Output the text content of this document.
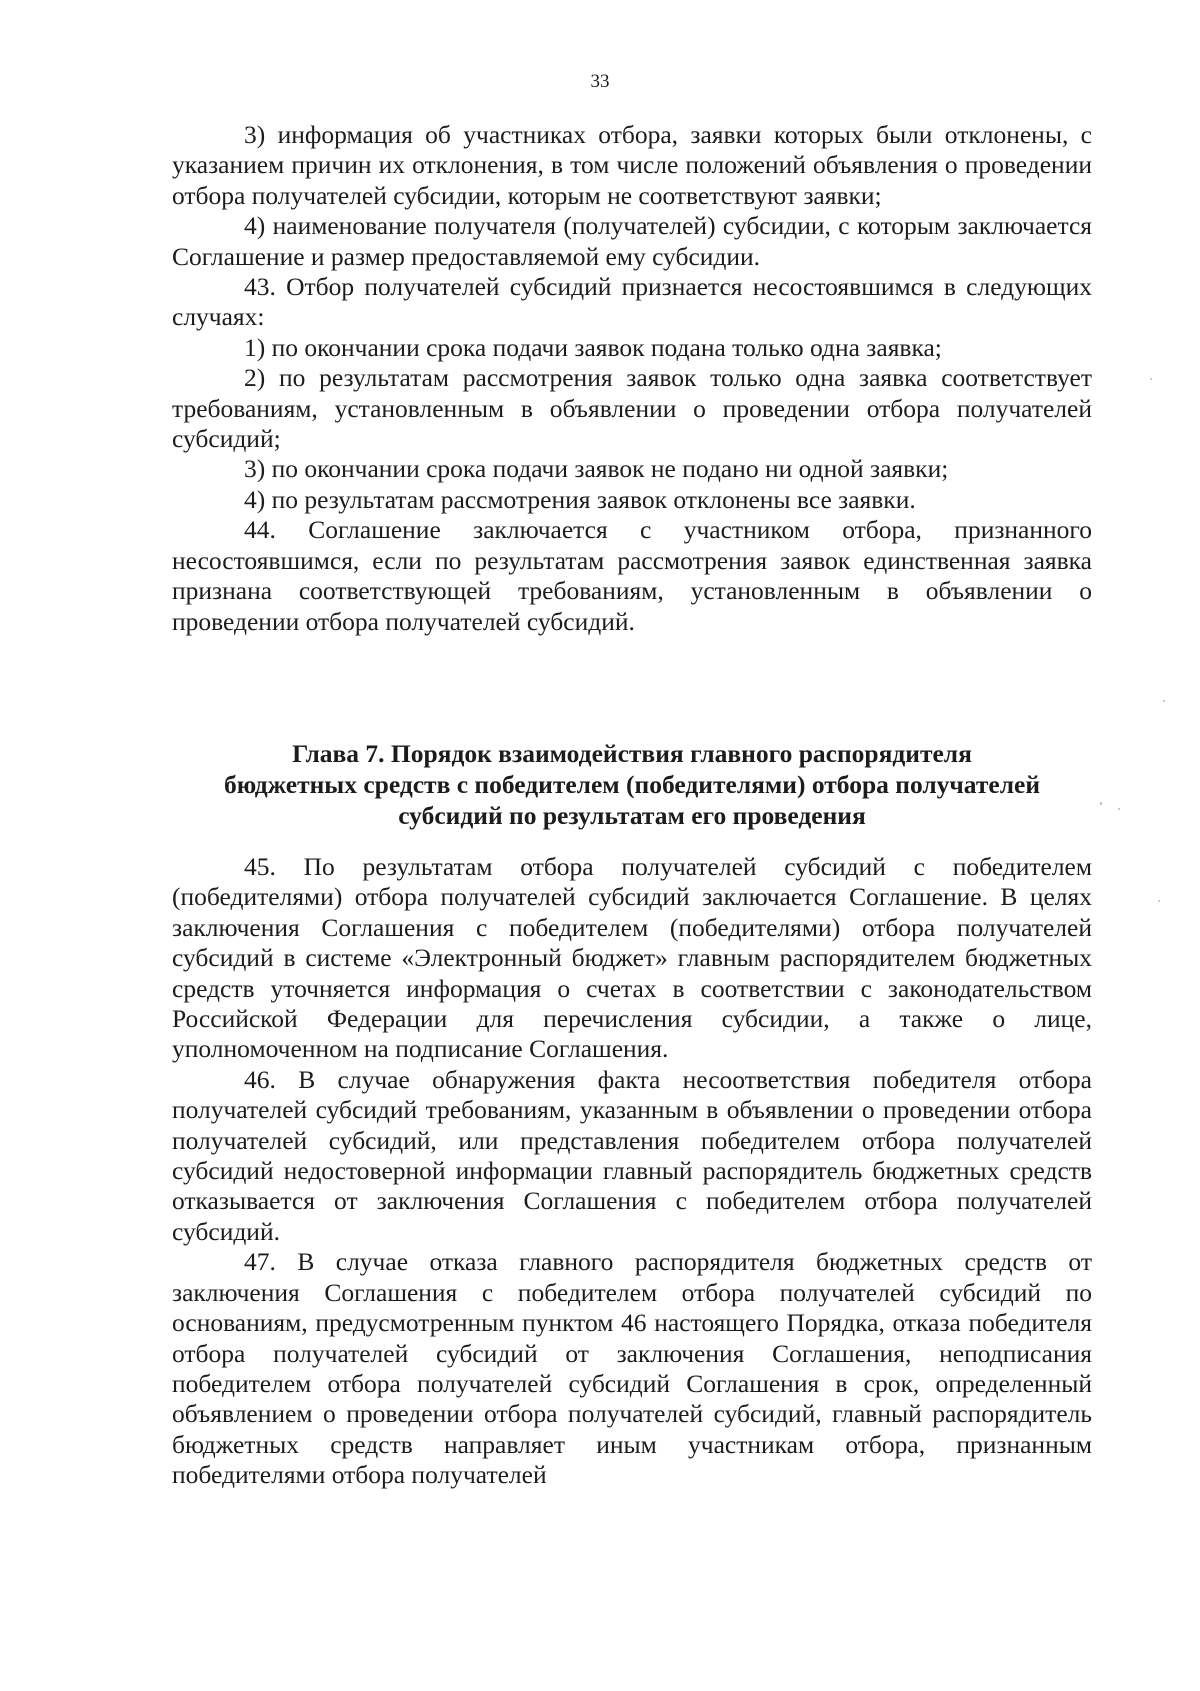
33

3) информация об участниках отбора, заявки которых были отклонены, с указанием причин их отклонения, в том числе положений объявления о проведении отбора получателей субсидии, которым не соответствуют заявки;

4) наименование получателя (получателей) субсидии, с которым заключается Соглашение и размер предоставляемой ему субсидии.

43. Отбор получателей субсидий признается несостоявшимся в следующих случаях:

1) по окончании срока подачи заявок подана только одна заявка;

2) по результатам рассмотрения заявок только одна заявка соответствует требованиям, установленным в объявлении о проведении отбора получателей субсидий;

3) по окончании срока подачи заявок не подано ни одной заявки;

4) по результатам рассмотрения заявок отклонены все заявки.

44. Соглашение заключается с участником отбора, признанного несостоявшимся, если по результатам рассмотрения заявок единственная заявка признана соответствующей требованиям, установленным в объявлении о проведении отбора получателей субсидий.

Глава 7. Порядок взаимодействия главного распорядителя
бюджетных средств с победителем (победителями) отбора получателей
субсидий по результатам его проведения

45. По результатам отбора получателей субсидий с победителем (победителями) отбора получателей субсидий заключается Соглашение. В целях заключения Соглашения с победителем (победителями) отбора получателей субсидий в системе «Электронный бюджет» главным распорядителем бюджетных средств уточняется информация о счетах в соответствии с законодательством Российской Федерации для перечисления субсидии, а также о лице, уполномоченном на подписание Соглашения.

46. В случае обнаружения факта несоответствия победителя отбора получателей субсидий требованиям, указанным в объявлении о проведении отбора получателей субсидий, или представления победителем отбора получателей субсидий недостоверной информации главный распорядитель бюджетных средств отказывается от заключения Соглашения с победителем отбора получателей субсидий.

47. В случае отказа главного распорядителя бюджетных средств от заключения Соглашения с победителем отбора получателей субсидий по основаниям, предусмотренным пунктом 46 настоящего Порядка, отказа победителя отбора получателей субсидий от заключения Соглашения, неподписания победителем отбора получателей субсидий Соглашения в срок, определенный объявлением о проведении отбора получателей субсидий, главный распорядитель бюджетных средств направляет иным участникам отбора, признанным победителями отбора получателей
